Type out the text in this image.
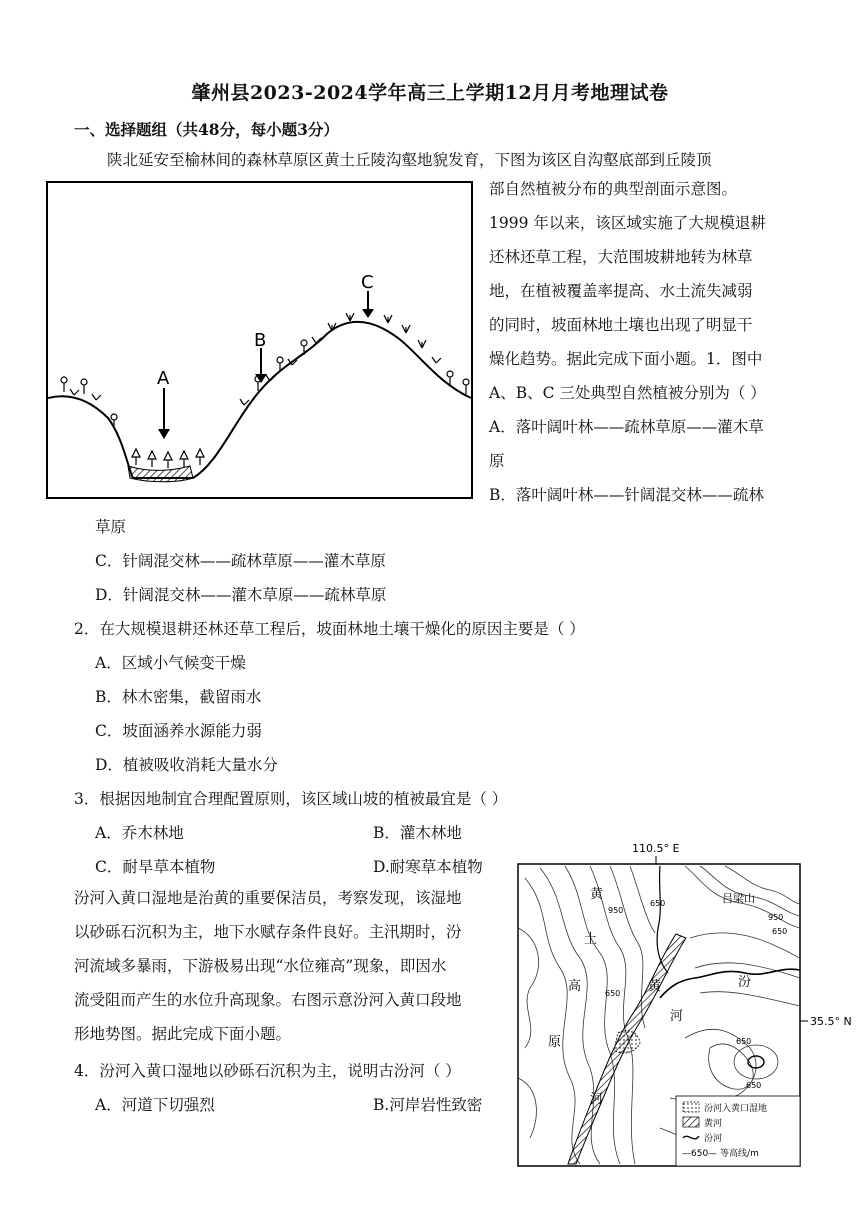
肇州县2023-2024学年高三上学期12月月考地理试卷
一、选择题组（共48分，每小题3分）
陕北延安至榆林间的森林草原区黄土丘陵沟壑地貌发育，下图为该区自沟壑底部到丘陵顶
A
B
C
部自然植被分布的典型剖面示意图。
1999 年以来，该区域实施了大规模退耕
还林还草工程，大范围坡耕地转为林草
地，在植被覆盖率提高、水土流失减弱
的同时，坡面林地土壤也出现了明显干
燥化趋势。据此完成下面小题。1．图中
A、B、C 三处典型自然植被分别为（ ）
A．落叶阔叶林——疏林草原——灌木草
原
B．落叶阔叶林——针阔混交林——疏林
草原
C．针阔混交林——疏林草原——灌木草原
D．针阔混交林——灌木草原——疏林草原
2．在大规模退耕还林还草工程后，坡面林地土壤干燥化的原因主要是（ ）
A．区域小气候变干燥
B．林木密集，截留雨水
C．坡面涵养水源能力弱
D．植被吸收消耗大量水分
3．根据因地制宜合理配置原则，该区域山坡的植被最宜是（ ）
A．乔木林地	B．灌木林地
C．耐旱草本植物	D.耐寒草本植物
汾河入黄口湿地是治黄的重要保洁员，考察发现，该湿地
以砂砾石沉积为主，地下水赋存条件良好。主汛期时，汾
河流域多暴雨，下游极易出现“水位雍高”现象，即因水
流受阻而产生的水位升高现象。右图示意汾河入黄口段地
形地势图。据此完成下面小题。
4．汾河入黄口湿地以砂砾石沉积为主，说明古汾河（ ）
A．河道下切强烈	B.河岸岩性致密
110.5° E
35.5° N
黄
土
高
原
黄
河
河
汾
吕梁山
950
650
950
650
650
650
650
汾河入黄口湿地
黄河
汾河
—650— 等高线/m
